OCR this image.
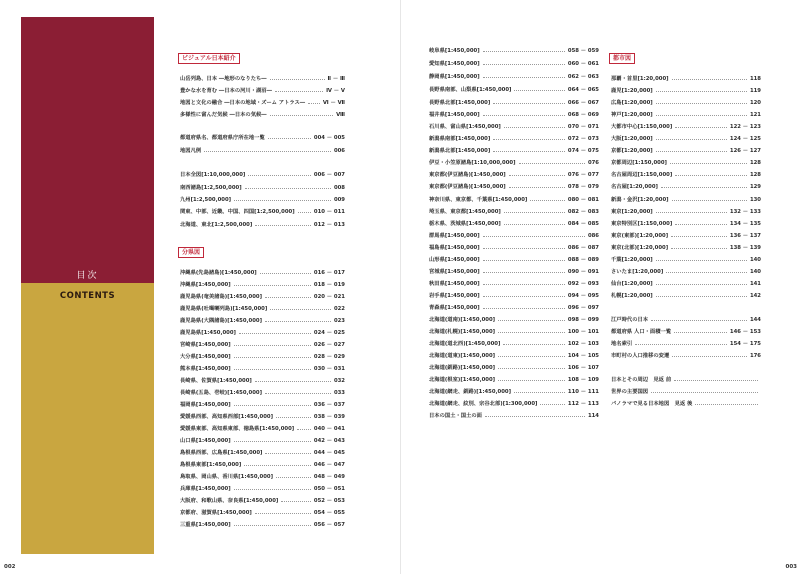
目次
CONTENTS
ビジュアル日本紹介
山岳列島、日本 ―地形のなりたち―	Ⅱ － Ⅲ
豊かな水を育む ―日本の河川・湖沼―	Ⅳ － Ⅴ
地図と文化の融合 ―日本の地域・ズーム アトラス―	Ⅵ － Ⅶ
多様性に富んだ気候 ―日本の気候―	Ⅷ
都道府県名、都道府県庁所在地一覧	004 － 005
地図凡例	006
日本全図[1:10,000,000]	006 － 007
南西諸島[1:2,500,000]	008
九州[1:2,500,000]	009
関東、中部、近畿、中国、四国[1:2,500,000]	010 － 011
北海道、東北[1:2,500,000]	012 － 013
分県図
沖縄県(先島諸島)[1:450,000]	016 － 017
沖縄県[1:450,000]	018 － 019
鹿児島県(奄美諸島)[1:450,000]	020 － 021
鹿児島県(吐噶喇列島)[1:450,000]	022
鹿児島県(大隅諸島)[1:450,000]	023
鹿児島県[1:450,000]	024 － 025
宮崎県[1:450,000]	026 － 027
大分県[1:450,000]	028 － 029
熊本県[1:450,000]	030 － 031
長崎県、佐賀県[1:450,000]	032
長崎県(五島、壱岐)[1:450,000]	033
福岡県[1:450,000]	036 － 037
愛媛県西部、高知県西部[1:450,000]	038 － 039
愛媛県東部、高知県東部、徳島県[1:450,000]	040 － 041
山口県[1:450,000]	042 － 043
島根県西部、広島県[1:450,000]	044 － 045
島根県東部[1:450,000]	046 － 047
鳥取県、岡山県、香川県[1:450,000]	048 － 049
兵庫県[1:450,000]	050 － 051
大阪府、和歌山県、奈良県[1:450,000]	052 － 053
京都府、滋賀県[1:450,000]	054 － 055
三重県[1:450,000]	056 － 057
002
岐阜県[1:450,000]	058 － 059
愛知県[1:450,000]	060 － 061
静岡県[1:450,000]	062 － 063
長野県南部、山梨県[1:450,000]	064 － 065
長野県北部[1:450,000]	066 － 067
福井県[1:450,000]	068 － 069
石川県、富山県[1:450,000]	070 － 071
新潟県南部[1:450,000]	072 － 073
新潟県北部[1:450,000]	074 － 075
伊豆・小笠原諸島[1:10,000,000]	076
東京都(伊豆諸島)[1:450,000]	076 － 077
東京都(伊豆諸島)[1:450,000]	078 － 079
神奈川県、東京都、千葉県[1:450,000]	080 － 081
埼玉県、東京都[1:450,000]	082 － 083
栃木県、茨城県[1:450,000]	084 － 085
群馬県[1:450,000]	086
福島県[1:450,000]	086 － 087
山形県[1:450,000]	088 － 089
宮城県[1:450,000]	090 － 091
秋田県[1:450,000]	092 － 093
岩手県[1:450,000]	094 － 095
青森県[1:450,000]	096 － 097
北海道(道南)[1:450,000]	098 － 099
北海道(札幌)[1:450,000]	100 － 101
北海道(道北西)[1:450,000]	102 － 103
北海道(道東)[1:450,000]	104 － 105
北海道(釧路)[1:450,000]	106 － 107
北海道(根室)[1:450,000]	108 － 109
北海道(網走、釧路)[1:450,000]	110 － 111
北海道(網走、紋別、宗谷北部)[1:300,000]	112 － 113
日本の国土・国土の面	114
都市図
那覇・首里[1:20,000]	118
鹿児[1:20,000]	119
広島[1:20,000]	120
神戸[1:20,000]	121
大都市中心[1:150,000]	122 － 123
大阪[1:20,000]	124 － 125
京都[1:20,000]	126 － 127
京都周辺[1:150,000]	128
名古屋周辺[1:150,000]	128
名古屋[1:20,000]	129
新潟・金沢[1:20,000]	130
東京[1:20,000]	132 － 133
東京特別区[1:150,000]	134 － 135
東京(東部)[1:20,000]	136 － 137
東京(北部)[1:20,000]	138 － 139
千葉[1:20,000]	140
さいたま[1:20,000]	140
仙台[1:20,000]	141
札幌[1:20,000]	142
江戸時代の日本	144
都道府県 人口・面積一覧	146 － 153
地名索引	154 － 175
市町村の人口推移の変遷	176
日本とその周辺　見返 前
世界の主要国図
パノラマで見る日本地図　見返 後
003
